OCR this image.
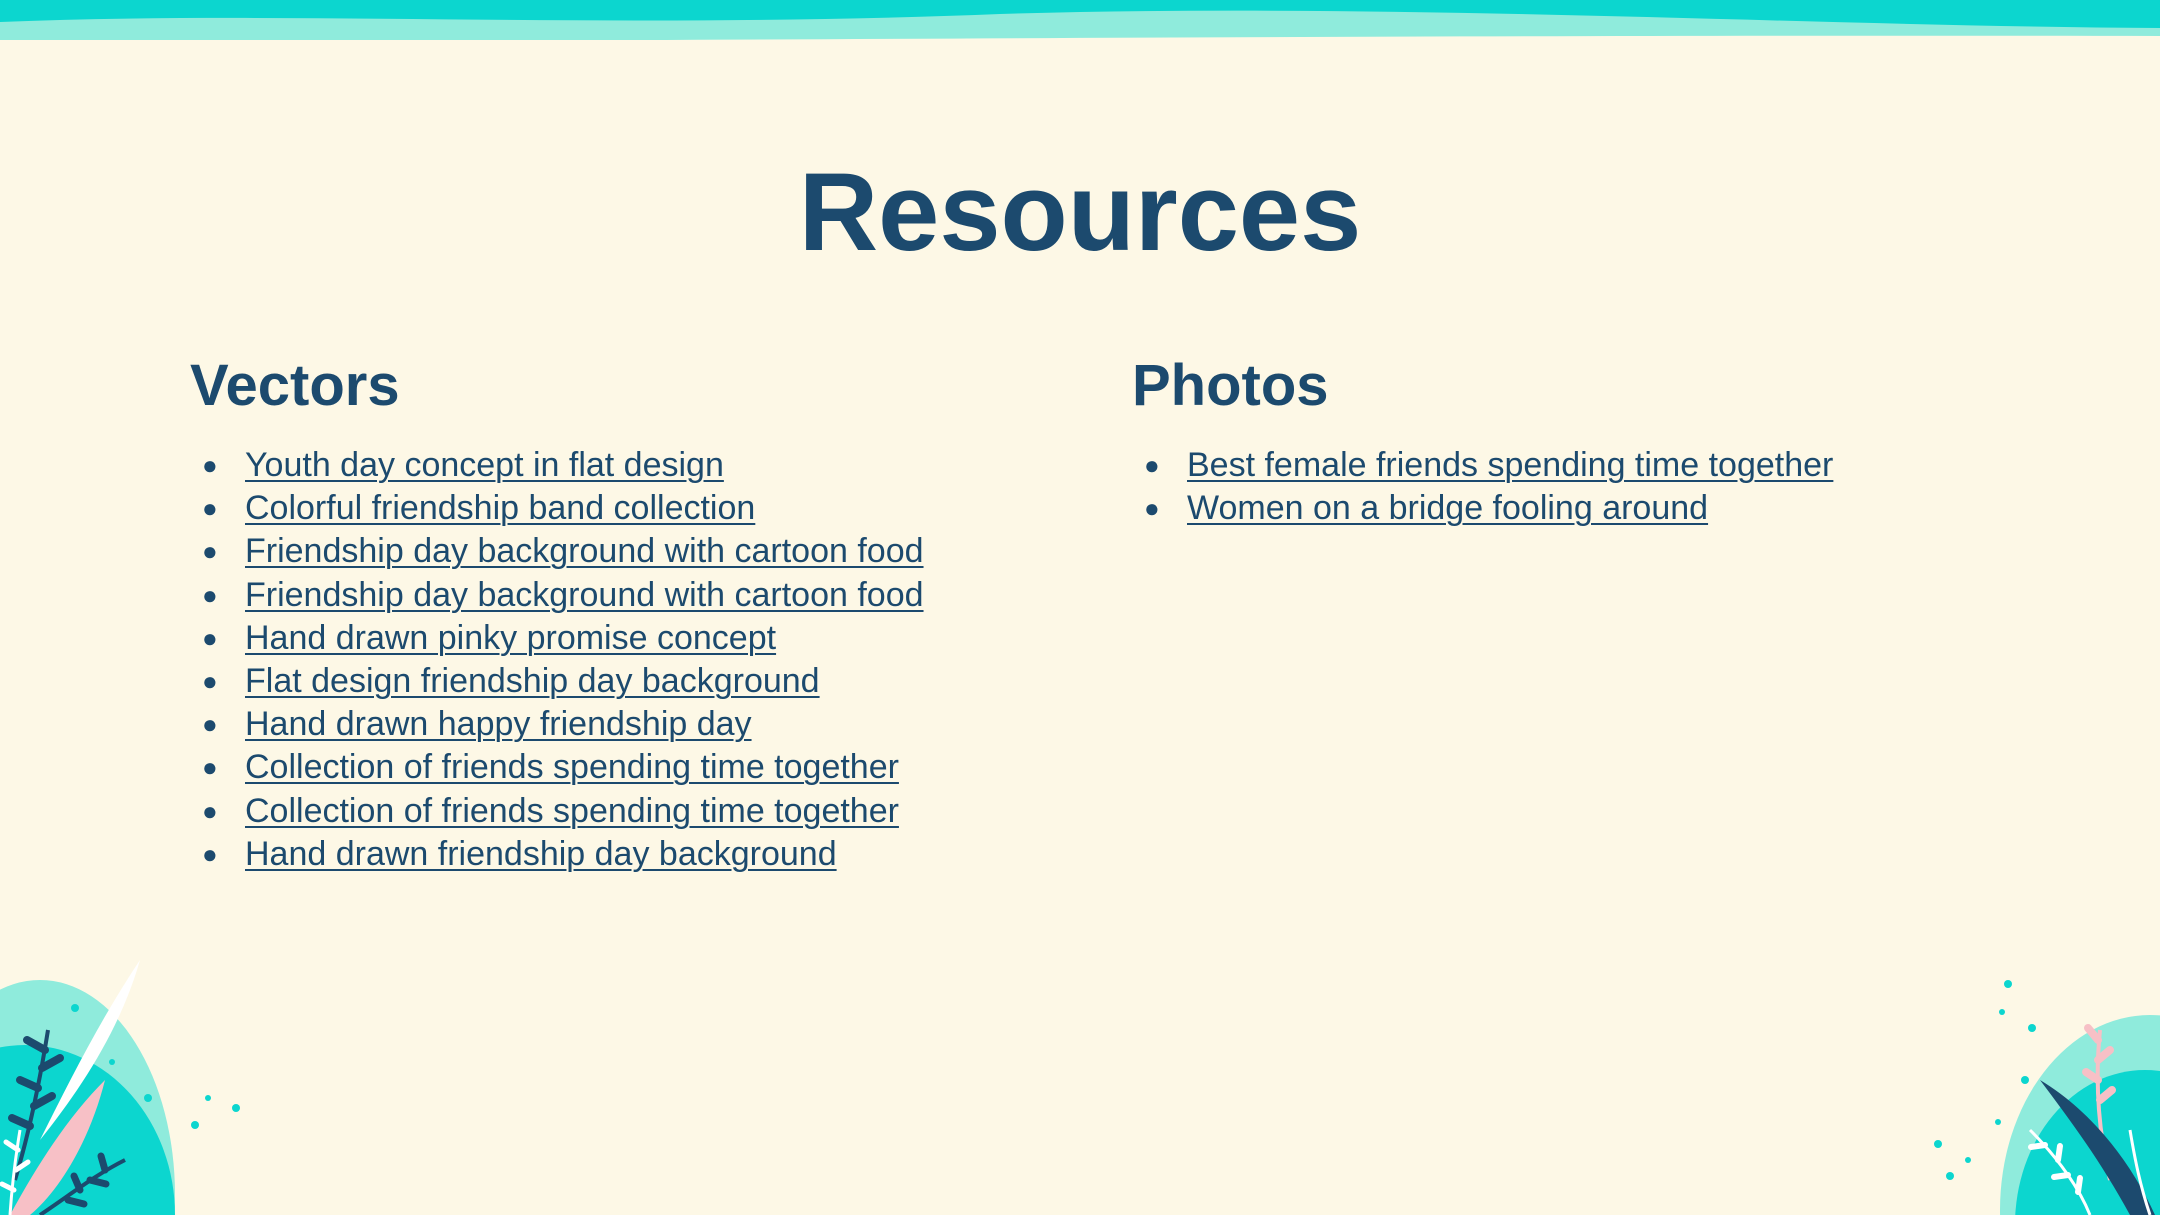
Resources
Vectors
● Youth day concept in flat design
● Colorful friendship band collection
● Friendship day background with cartoon food
● Friendship day background with cartoon food
● Hand drawn pinky promise concept
● Flat design friendship day background
● Hand drawn happy friendship day
● Collection of friends spending time together
● Collection of friends spending time together
● Hand drawn friendship day background
Photos
● Best female friends spending time together
● Women on a bridge fooling around
